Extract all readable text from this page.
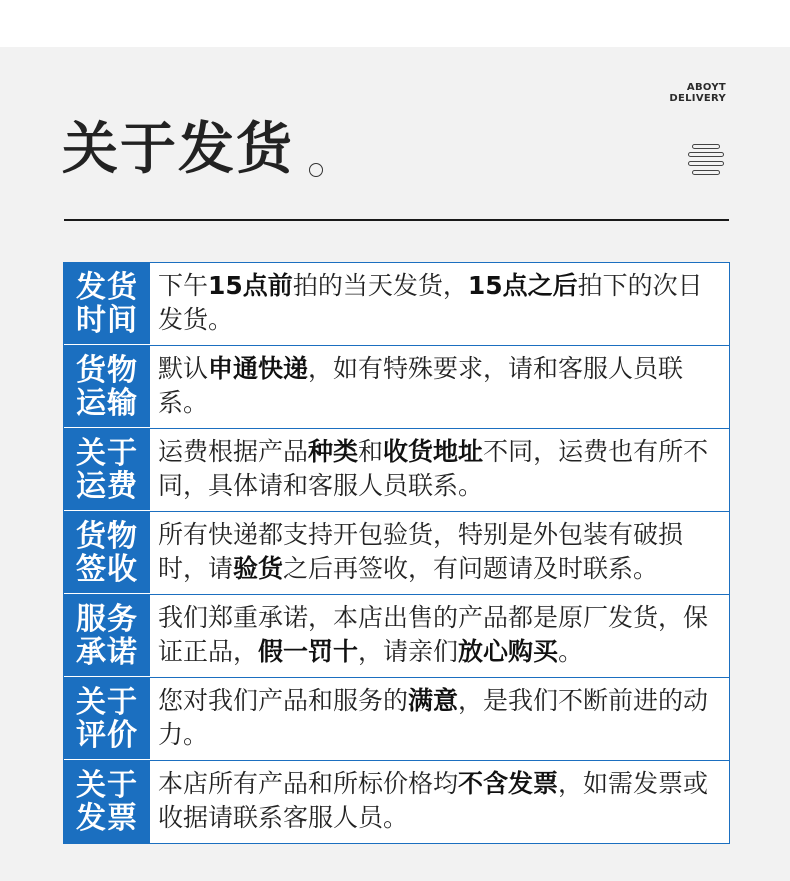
ABOYT
DELIVERY
关于发货
发货
时间
下午15点前拍的当天发货，15点之后拍下的次日发货。
货物
运输
默认申通快递，如有特殊要求，请和客服人员联系。
关于
运费
运费根据产品种类和收货地址不同，运费也有所不同，具体请和客服人员联系。
货物
签收
所有快递都支持开包验货，特别是外包装有破损时，请验货之后再签收，有问题请及时联系。
服务
承诺
我们郑重承诺，本店出售的产品都是原厂发货，保证正品，假一罚十，请亲们放心购买。
关于
评价
您对我们产品和服务的满意，是我们不断前进的动力。
关于
发票
本店所有产品和所标价格均不含发票，如需发票或收据请联系客服人员。
